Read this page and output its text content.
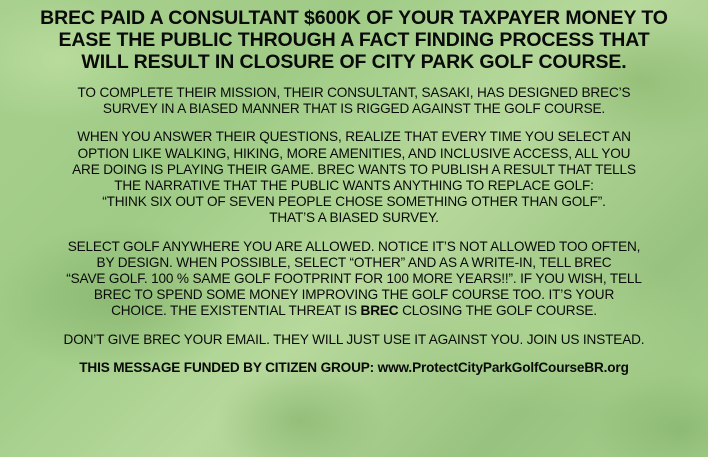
BREC PAID A CONSULTANT $600K OF YOUR TAXPAYER MONEY TO
EASE THE PUBLIC THROUGH A FACT FINDING PROCESS THAT
WILL RESULT IN CLOSURE OF CITY PARK GOLF COURSE.
TO COMPLETE THEIR MISSION, THEIR CONSULTANT, SASAKI, HAS DESIGNED BREC’S
SURVEY IN A BIASED MANNER THAT IS RIGGED AGAINST THE GOLF COURSE.
WHEN YOU ANSWER THEIR QUESTIONS, REALIZE THAT EVERY TIME YOU SELECT AN
OPTION LIKE WALKING, HIKING, MORE AMENITIES, AND INCLUSIVE ACCESS, ALL YOU
ARE DOING IS PLAYING THEIR GAME. BREC WANTS TO PUBLISH A RESULT THAT TELLS
THE NARRATIVE THAT THE PUBLIC WANTS ANYTHING TO REPLACE GOLF:
“THINK SIX OUT OF SEVEN PEOPLE CHOSE SOMETHING OTHER THAN GOLF”.
THAT’S A BIASED SURVEY.
SELECT GOLF ANYWHERE YOU ARE ALLOWED. NOTICE IT’S NOT ALLOWED TOO OFTEN,
BY DESIGN. WHEN POSSIBLE, SELECT “OTHER” AND AS A WRITE-IN, TELL BREC
“SAVE GOLF. 100 % SAME GOLF FOOTPRINT FOR 100 MORE YEARS!!”. IF YOU WISH, TELL
BREC TO SPEND SOME MONEY IMPROVING THE GOLF COURSE TOO. IT’S YOUR
CHOICE. THE EXISTENTIAL THREAT IS BREC CLOSING THE GOLF COURSE.
DON’T GIVE BREC YOUR EMAIL. THEY WILL JUST USE IT AGAINST YOU. JOIN US INSTEAD.
THIS MESSAGE FUNDED BY CITIZEN GROUP: www.ProtectCityParkGolfCourseBR.org
